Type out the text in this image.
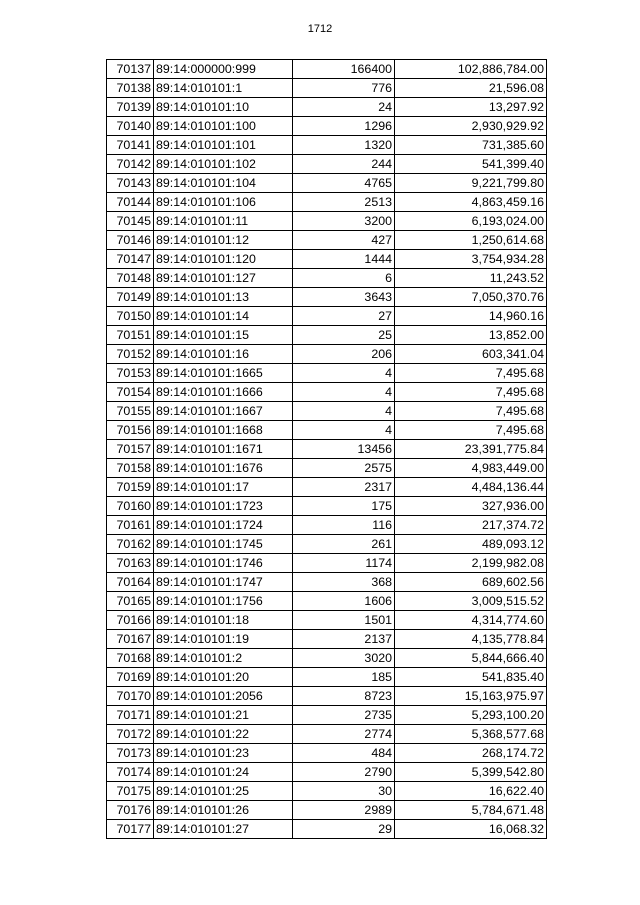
1712
70137	89:14:000000:999	166400	102,886,784.00
70138	89:14:010101:1	776	21,596.08
70139	89:14:010101:10	24	13,297.92
70140	89:14:010101:100	1296	2,930,929.92
70141	89:14:010101:101	1320	731,385.60
70142	89:14:010101:102	244	541,399.40
70143	89:14:010101:104	4765	9,221,799.80
70144	89:14:010101:106	2513	4,863,459.16
70145	89:14:010101:11	3200	6,193,024.00
70146	89:14:010101:12	427	1,250,614.68
70147	89:14:010101:120	1444	3,754,934.28
70148	89:14:010101:127	6	11,243.52
70149	89:14:010101:13	3643	7,050,370.76
70150	89:14:010101:14	27	14,960.16
70151	89:14:010101:15	25	13,852.00
70152	89:14:010101:16	206	603,341.04
70153	89:14:010101:1665	4	7,495.68
70154	89:14:010101:1666	4	7,495.68
70155	89:14:010101:1667	4	7,495.68
70156	89:14:010101:1668	4	7,495.68
70157	89:14:010101:1671	13456	23,391,775.84
70158	89:14:010101:1676	2575	4,983,449.00
70159	89:14:010101:17	2317	4,484,136.44
70160	89:14:010101:1723	175	327,936.00
70161	89:14:010101:1724	116	217,374.72
70162	89:14:010101:1745	261	489,093.12
70163	89:14:010101:1746	1174	2,199,982.08
70164	89:14:010101:1747	368	689,602.56
70165	89:14:010101:1756	1606	3,009,515.52
70166	89:14:010101:18	1501	4,314,774.60
70167	89:14:010101:19	2137	4,135,778.84
70168	89:14:010101:2	3020	5,844,666.40
70169	89:14:010101:20	185	541,835.40
70170	89:14:010101:2056	8723	15,163,975.97
70171	89:14:010101:21	2735	5,293,100.20
70172	89:14:010101:22	2774	5,368,577.68
70173	89:14:010101:23	484	268,174.72
70174	89:14:010101:24	2790	5,399,542.80
70175	89:14:010101:25	30	16,622.40
70176	89:14:010101:26	2989	5,784,671.48
70177	89:14:010101:27	29	16,068.32
